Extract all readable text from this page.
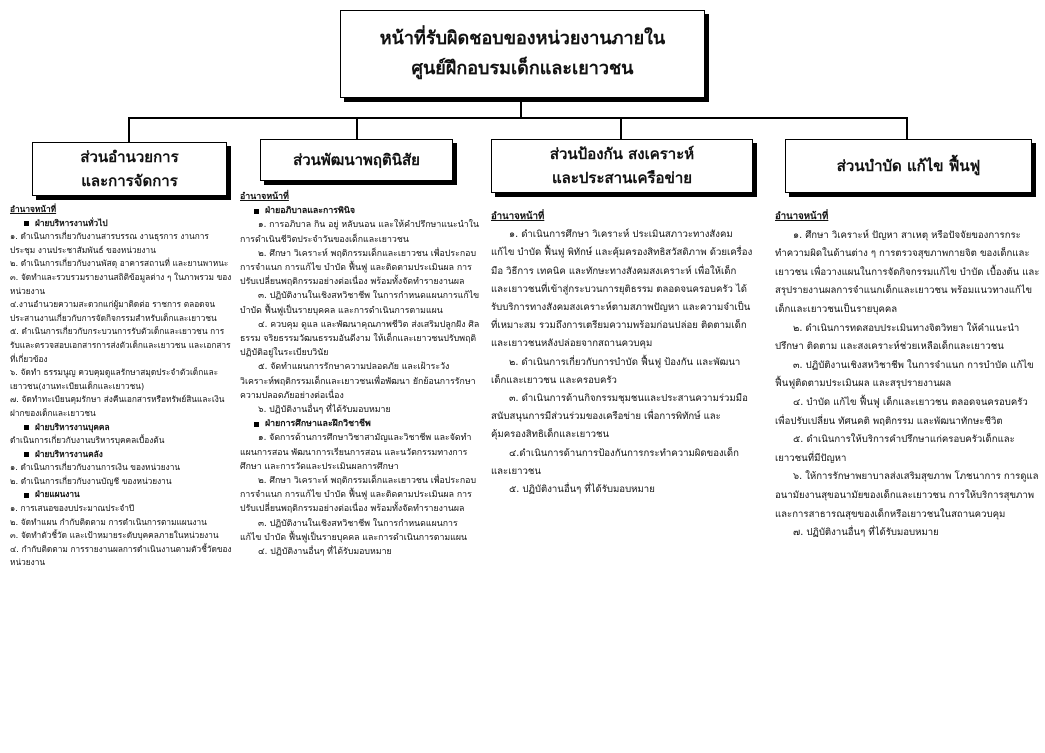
หน้าที่รับผิดชอบของหน่วยงานภายใน
ศูนย์ฝึกอบรมเด็กและเยาวชน
ส่วนอำนวยการ
และการจัดการ
ส่วนพัฒนาพฤตินิสัย	ส่วนป้องกัน สงเคราะห์
และประสานเครือข่าย
ส่วนบำบัด แก้ไข ฟื้นฟู

อำนาจหน้าที่

ฝ่ายบริหารงานทั่วไป

๑. ดำเนินการเกี่ยวกับงานสารบรรณ งานธุรการ งานการประชุม งานประชาสัมพันธ์ ของหน่วยงาน

๒. ดำเนินการเกี่ยวกับงานพัสดุ อาคารสถานที่ และยานพาหนะ

๓. จัดทำและรวบรวมรายงานสถิติข้อมูลต่าง ๆ ในภาพรวม ของหน่วยงาน

๔.งานอำนวยความสะดวกแก่ผู้มาติดต่อ ราชการ ตลอดจน ประสานงานเกี่ยวกับการจัดกิจกรรมสำหรับเด็กและเยาวชน

๕. ดำเนินการเกี่ยวกับกระบวนการรับตัวเด็กและเยาวชน การรับและตรวจสอบเอกสารการส่งตัวเด็กและเยาวชน และเอกสารที่เกี่ยวข้อง

๖. จัดทำ ธรรมนูญ ควบคุมดูแลรักษาสมุดประจำตัวเด็กและเยาวชน(งานทะเบียนเด็กและเยาวชน)

๗. จัดทำทะเบียนคุมรักษา ส่งคืนเอกสารหรือทรัพย์สินและเงินฝากของเด็กและเยาวชน

ฝ่ายบริหารงานบุคคล

ดำเนินการเกี่ยวกับงานบริหารบุคคลเบื้องต้น

ฝ่ายบริหารงานคลัง

๑. ดำเนินการเกี่ยวกับงานการเงิน ของหน่วยงาน

๒. ดำเนินการเกี่ยวกับงานบัญชี ของหน่วยงาน

ฝ่ายแผนงาน

๑. การเสนอของบประมาณประจำปี

๒. จัดทำแผน กำกับติดตาม การดำเนินการตามแผนงาน

๓. จัดทำตัวชี้วัด และเป้าหมายระดับบุคคลภายในหน่วยงาน

๔. กำกับติดตาม การรายงานผลการดำเนินงานตามตัวชี้วัดของหน่วยงาน

อำนาจหน้าที่

ฝ่ายอภิบาลและการพินิจ

๑. การอภิบาล กิน อยู่ หลับนอน และให้คำปรึกษาแนะนำในการดำเนินชีวิตประจำวันของเด็กและเยาวชน

๒. ศึกษา วิเคราะห์ พฤติกรรมเด็กและเยาวชน เพื่อประกอบการจำแนก การแก้ไข บำบัด ฟื้นฟู และติดตามประเมินผล การปรับเปลี่ยนพฤติกรรมอย่างต่อเนื่อง พร้อมทั้งจัดทำรายงานผล

๓. ปฏิบัติงานในเชิงสหวิชาชีพ ในการกำหนดแผนการแก้ไข บำบัด ฟื้นฟูเป็นรายบุคคล และการดำเนินการตามแผน

๔. ควบคุม ดูแล และพัฒนาคุณภาพชีวิต ส่งเสริมปลูกฝัง ศิลธรรม จริยธรรมวัฒนธรรมอันดีงาม ให้เด็กและเยาวชนปรับพฤติปฏิบัติอยู่ในระเบียบวินัย

๕. จัดทำแผนการรักษาความปลอดภัย และเฝ้าระวังวิเคราะห์พฤติกรรมเด็กและเยาวชนเพื่อพัฒนา ยักย้อนการรักษาความปลอดภัยอย่างต่อเนื่อง

๖. ปฏิบัติงานอื่นๆ ที่ได้รับมอบหมาย

ฝ่ายการศึกษาและฝึกวิชาชีพ

๑. จัดการด้านการศึกษาวิชาสามัญและวิชาชีพ และจัดทำแผนการสอน พัฒนาการเรียนการสอน และนวัตกรรมทางการศึกษา และการวัดและประเมินผลการศึกษา

๒. ศึกษา วิเคราะห์ พฤติกรรมเด็กและเยาวชน เพื่อประกอบการจำแนก การแก้ไข บำบัด ฟื้นฟู และติดตามประเมินผล การปรับเปลี่ยนพฤติกรรมอย่างต่อเนื่อง พร้อมทั้งจัดทำรายงานผล

๓. ปฏิบัติงานในเชิงสหวิชาชีพ ในการกำหนดแผนการ แก้ไข บำบัด ฟื้นฟูเป็นรายบุคคล และการดำเนินการตามแผน

๔. ปฏิบัติงานอื่นๆ ที่ได้รับมอบหมาย

อำนาจหน้าที่

๑. ดำเนินการศึกษา วิเคราะห์ ประเมินสภาวะทางสังคม แก้ไข บำบัด ฟื้นฟู พิทักษ์ และคุ้มครองสิทธิสวัสดิภาพ ด้วยเครื่องมือ วิธีการ เทคนิค และทักษะทางสังคมสงเคราะห์ เพื่อให้เด็กและเยาวชนที่เข้าสู่กระบวนการยุติธรรม ตลอดจนครอบครัว ได้รับบริการทางสังคมสงเคราะห์ตามสภาพปัญหา และความจำเป็นที่เหมาะสม รวมถึงการเตรียมความพร้อมก่อนปล่อย ติดตามเด็กและเยาวชนหลังปล่อยจากสถานควบคุม

๒. ดำเนินการเกี่ยวกับการบำบัด ฟื้นฟู ป้องกัน และพัฒนาเด็กและเยาวชน และครอบครัว

๓. ดำเนินการด้านกิจกรรมชุมชนและประสานความร่วมมือ สนับสนุนการมีส่วนร่วมของเครือข่าย เพื่อการพิทักษ์ และคุ้มครองสิทธิเด็กและเยาวชน

๔.ดำเนินการด้านการป้องกันการกระทำความผิดของเด็กและเยาวชน

๕. ปฏิบัติงานอื่นๆ ที่ได้รับมอบหมาย

อำนาจหน้าที่

๑. ศึกษา วิเคราะห์ ปัญหา สาเหตุ หรือปัจจัยของการกระทำความผิดในด้านต่าง ๆ การตรวจสุขภาพกายจิต ของเด็กและเยาวชน เพื่อวางแผนในการจัดกิจกรรมแก้ไข บำบัด เบื้องต้น และสรุปรายงานผลการจำแนกเด็กและเยาวชน พร้อมแนวทางแก้ไขเด็กและเยาวชนเป็นรายบุคคล

๒. ดำเนินการทดสอบประเมินทางจิตวิทยา ให้คำแนะนำ ปรึกษา ติดตาม และสงเคราะห์ช่วยเหลือเด็กและเยาวชน

๓. ปฏิบัติงานเชิงสหวิชาชีพ ในการจำแนก การบำบัด แก้ไข ฟื้นฟูติดตามประเมินผล และสรุปรายงานผล

๔. บำบัด แก้ไข ฟื้นฟู เด็กและเยาวชน ตลอดจนครอบครัว เพื่อปรับเปลี่ยน ทัศนคติ พฤติกรรม และพัฒนาทักษะชีวิต

๕. ดำเนินการให้บริการคำปรึกษาแก่ครอบครัวเด็กและเยาวชนที่มีปัญหา

๖. ให้การรักษาพยาบาลส่งเสริมสุขภาพ โภชนาการ การดูแลอนามัยงานสุขอนามัยของเด็กและเยาวชน การให้บริการสุขภาพและการสาธารณสุขของเด็กหรือเยาวชนในสถานควบคุม

๗. ปฏิบัติงานอื่นๆ ที่ได้รับมอบหมาย
